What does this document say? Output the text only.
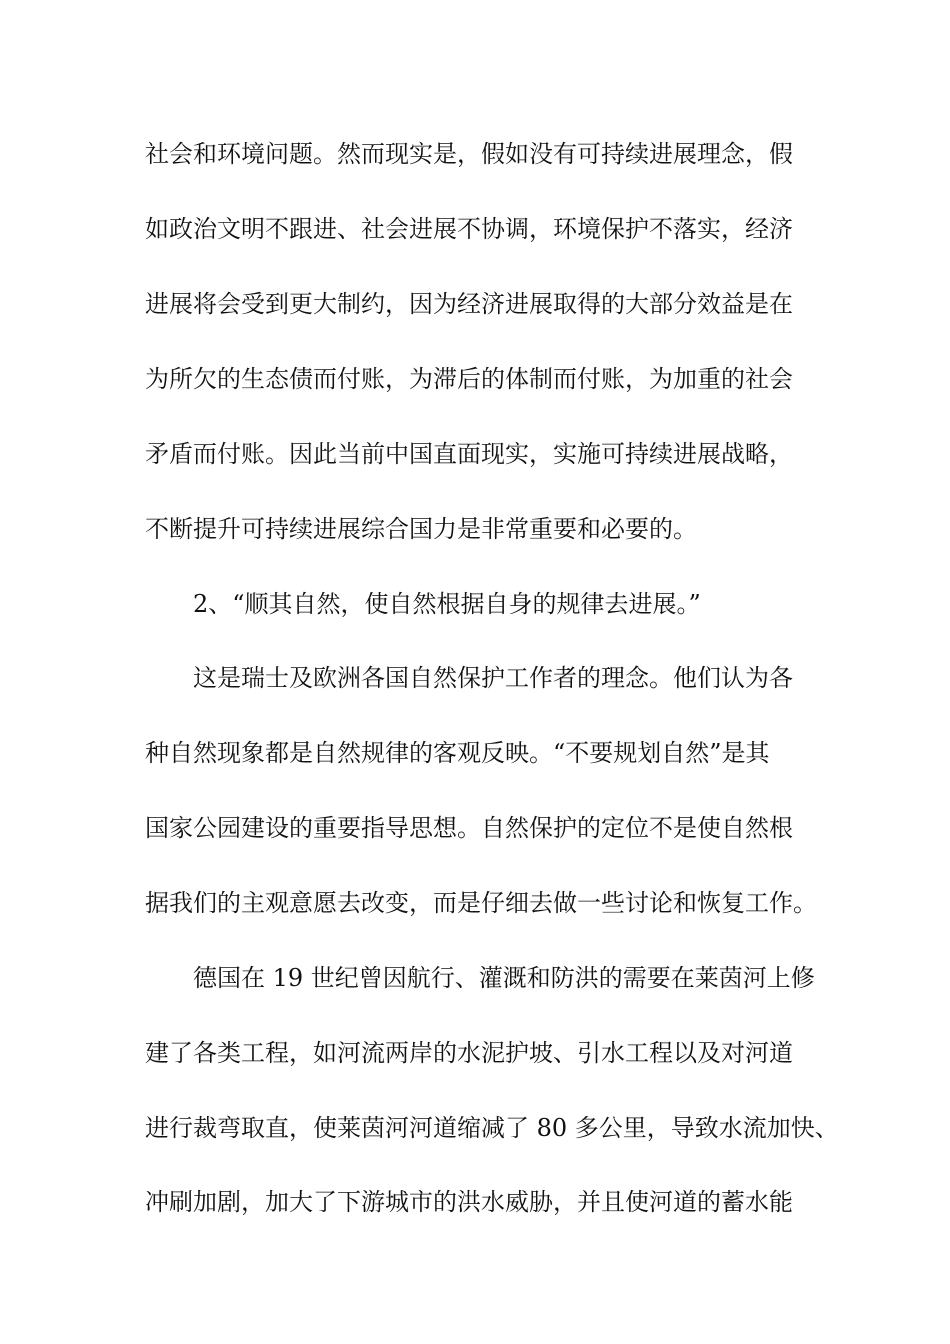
社会和环境问题。然而现实是，假如没有可持续进展理念，假
如政治文明不跟进、社会进展不协调，环境保护不落实，经济
进展将会受到更大制约，因为经济进展取得的大部分效益是在
为所欠的生态债而付账，为滞后的体制而付账，为加重的社会
矛盾而付账。因此当前中国直面现实，实施可持续进展战略，
不断提升可持续进展综合国力是非常重要和必要的。
2、“顺其自然，使自然根据自身的规律去进展。”
这是瑞士及欧洲各国自然保护工作者的理念。他们认为各
种自然现象都是自然规律的客观反映。“不要规划自然”是其
国家公园建设的重要指导思想。自然保护的定位不是使自然根
据我们的主观意愿去改变，而是仔细去做一些讨论和恢复工作。
德国在 19 世纪曾因航行、灌溉和防洪的需要在莱茵河上修
建了各类工程，如河流两岸的水泥护坡、引水工程以及对河道
进行裁弯取直，使莱茵河河道缩减了 80 多公里，导致水流加快、
冲刷加剧，加大了下游城市的洪水威胁，并且使河道的蓄水能
